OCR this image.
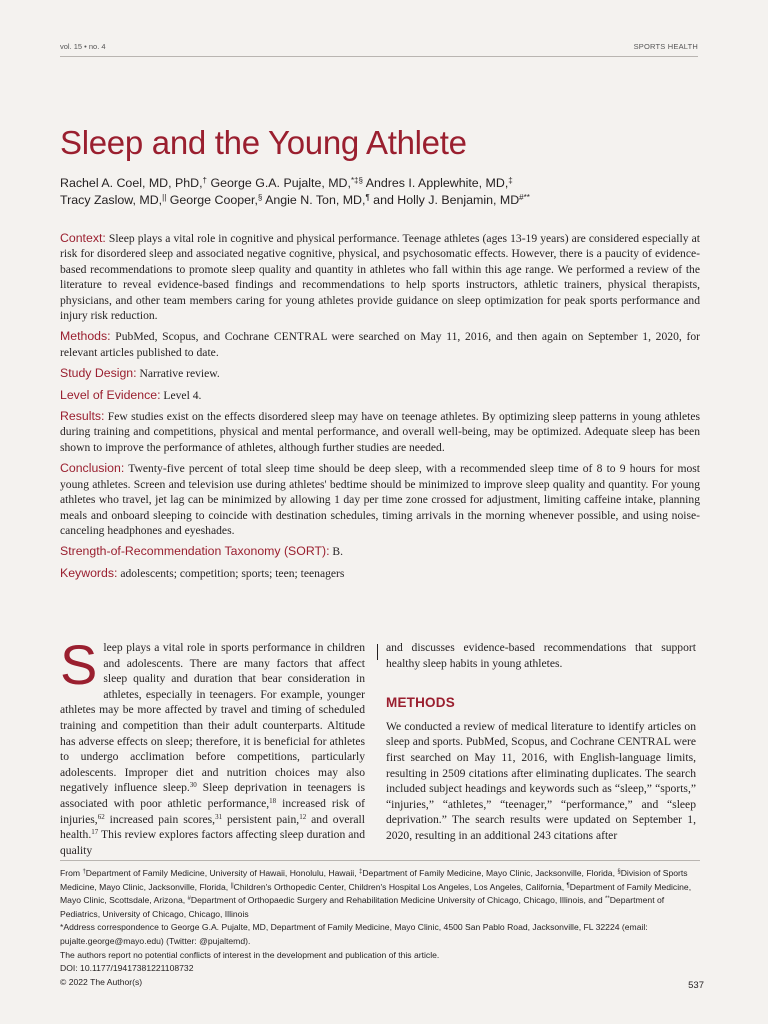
vol. 15 • no. 4	SPORTS HEALTH
Sleep and the Young Athlete
Rachel A. Coel, MD, PhD,† George G.A. Pujalte, MD,*‡§ Andres I. Applewhite, MD,‡
Tracy Zaslow, MD,|| George Cooper,§ Angie N. Ton, MD,¶ and Holly J. Benjamin, MD#**

Context: Sleep plays a vital role in cognitive and physical performance. Teenage athletes (ages 13-19 years) are considered especially at risk for disordered sleep and associated negative cognitive, physical, and psychosomatic effects. However, there is a paucity of evidence-based recommendations to promote sleep quality and quantity in athletes who fall within this age range. We performed a review of the literature to reveal evidence-based findings and recommendations to help sports instructors, athletic trainers, physical therapists, physicians, and other team members caring for young athletes provide guidance on sleep optimization for peak sports performance and injury risk reduction.

Methods: PubMed, Scopus, and Cochrane CENTRAL were searched on May 11, 2016, and then again on September 1, 2020, for relevant articles published to date.

Study Design: Narrative review.

Level of Evidence: Level 4.

Results: Few studies exist on the effects disordered sleep may have on teenage athletes. By optimizing sleep patterns in young athletes during training and competitions, physical and mental performance, and overall well-being, may be optimized. Adequate sleep has been shown to improve the performance of athletes, although further studies are needed.

Conclusion: Twenty-five percent of total sleep time should be deep sleep, with a recommended sleep time of 8 to 9 hours for most young athletes. Screen and television use during athletes' bedtime should be minimized to improve sleep quality and quantity. For young athletes who travel, jet lag can be minimized by allowing 1 day per time zone crossed for adjustment, limiting caffeine intake, planning meals and onboard sleeping to coincide with destination schedules, timing arrivals in the morning whenever possible, and using noise-canceling headphones and eyeshades.

Strength-of-Recommendation Taxonomy (SORT): B.

Keywords: adolescents; competition; sports; teen; teenagers

Sleep plays a vital role in sports performance in children and adolescents. There are many factors that affect sleep quality and duration that bear consideration in athletes, especially in teenagers. For example, younger athletes may be more affected by travel and timing of scheduled training and competition than their adult counterparts. Altitude has adverse effects on sleep; therefore, it is beneficial for athletes to undergo acclimation before competitions, particularly adolescents. Improper diet and nutrition choices may also negatively influence sleep.$^{30}$ Sleep deprivation in teenagers is associated with poor athletic performance,$^{18}$ increased risk of injuries,$^{62}$ increased pain scores,$^{31}$ persistent pain,$^{12}$ and overall health.$^{17}$ This review explores factors affecting sleep duration and quality

and discusses evidence-based recommendations that support healthy sleep habits in young athletes.

METHODS

We conducted a review of medical literature to identify articles on sleep and sports. PubMed, Scopus, and Cochrane CENTRAL were first searched on May 11, 2016, with English-language limits, resulting in 2509 citations after eliminating duplicates. The search included subject headings and keywords such as “sleep,” “sports,” “injuries,” “athletes,” “teenager,” “performance,” and “sleep deprivation.” The search results were updated on September 1, 2020, resulting in an additional 243 citations after

From †Department of Family Medicine, University of Hawaii, Honolulu, Hawaii, ‡Department of Family Medicine, Mayo Clinic, Jacksonville, Florida, §Division of Sports Medicine, Mayo Clinic, Jacksonville, Florida, ||Children's Orthopedic Center, Children's Hospital Los Angeles, Los Angeles, California, ¶Department of Family Medicine, Mayo Clinic, Scottsdale, Arizona, #Department of Orthopaedic Surgery and Rehabilitation Medicine University of Chicago, Chicago, Illinois, and **Department of Pediatrics, University of Chicago, Chicago, Illinois

*Address correspondence to George G.A. Pujalte, MD, Department of Family Medicine, Mayo Clinic, 4500 San Pablo Road, Jacksonville, FL 32224 (email: pujalte.george@mayo.edu) (Twitter: @pujaltemd).

The authors report no potential conflicts of interest in the development and publication of this article.

DOI: 10.1177/19417381221108732

© 2022 The Author(s)	537
